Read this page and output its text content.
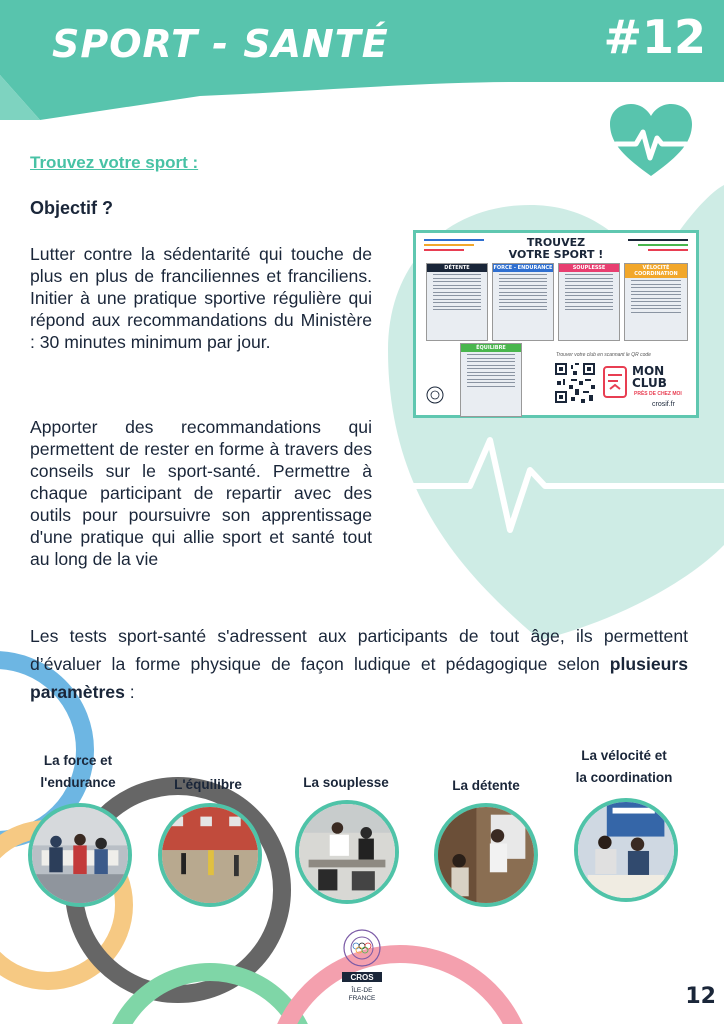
SPORT - SANTÉ	#12
Trouvez votre sport :
Objectif ?

Lutter contre la sédentarité qui touche de plus en plus de franciliennes et franciliens. Initier à une pratique sportive régulière qui répond aux recommandations du Ministère : 30 minutes minimum par jour.

Apporter des recommandations qui permettent de rester en forme à travers des conseils sur le sport-santé. Permettre à chaque participant de repartir avec des outils pour poursuivre son apprentissage d'une pratique qui allie sport et santé tout au long de la vie

TROUVEZ
VOTRE SPORT !
DÉTENTE	FORCE - ENDURANCE	SOUPLESSE	VÉLOCITÉ COORDINATION
ÉQUILIBRE
Trouver votre club en scannant le QR code
MON
CLUB
PRÈS DE CHEZ MOI
crosif.fr

Les tests sport-santé s'adressent aux participants de tout âge, ils permettent d’évaluer la forme physique de façon ludique et pédagogique selon plusieurs paramètres :

La force et
l'endurance	L'équilibre	La souplesse	La détente
La vélocité et
la coordination
CROS
ÎLE-DE
FRANCE	12
